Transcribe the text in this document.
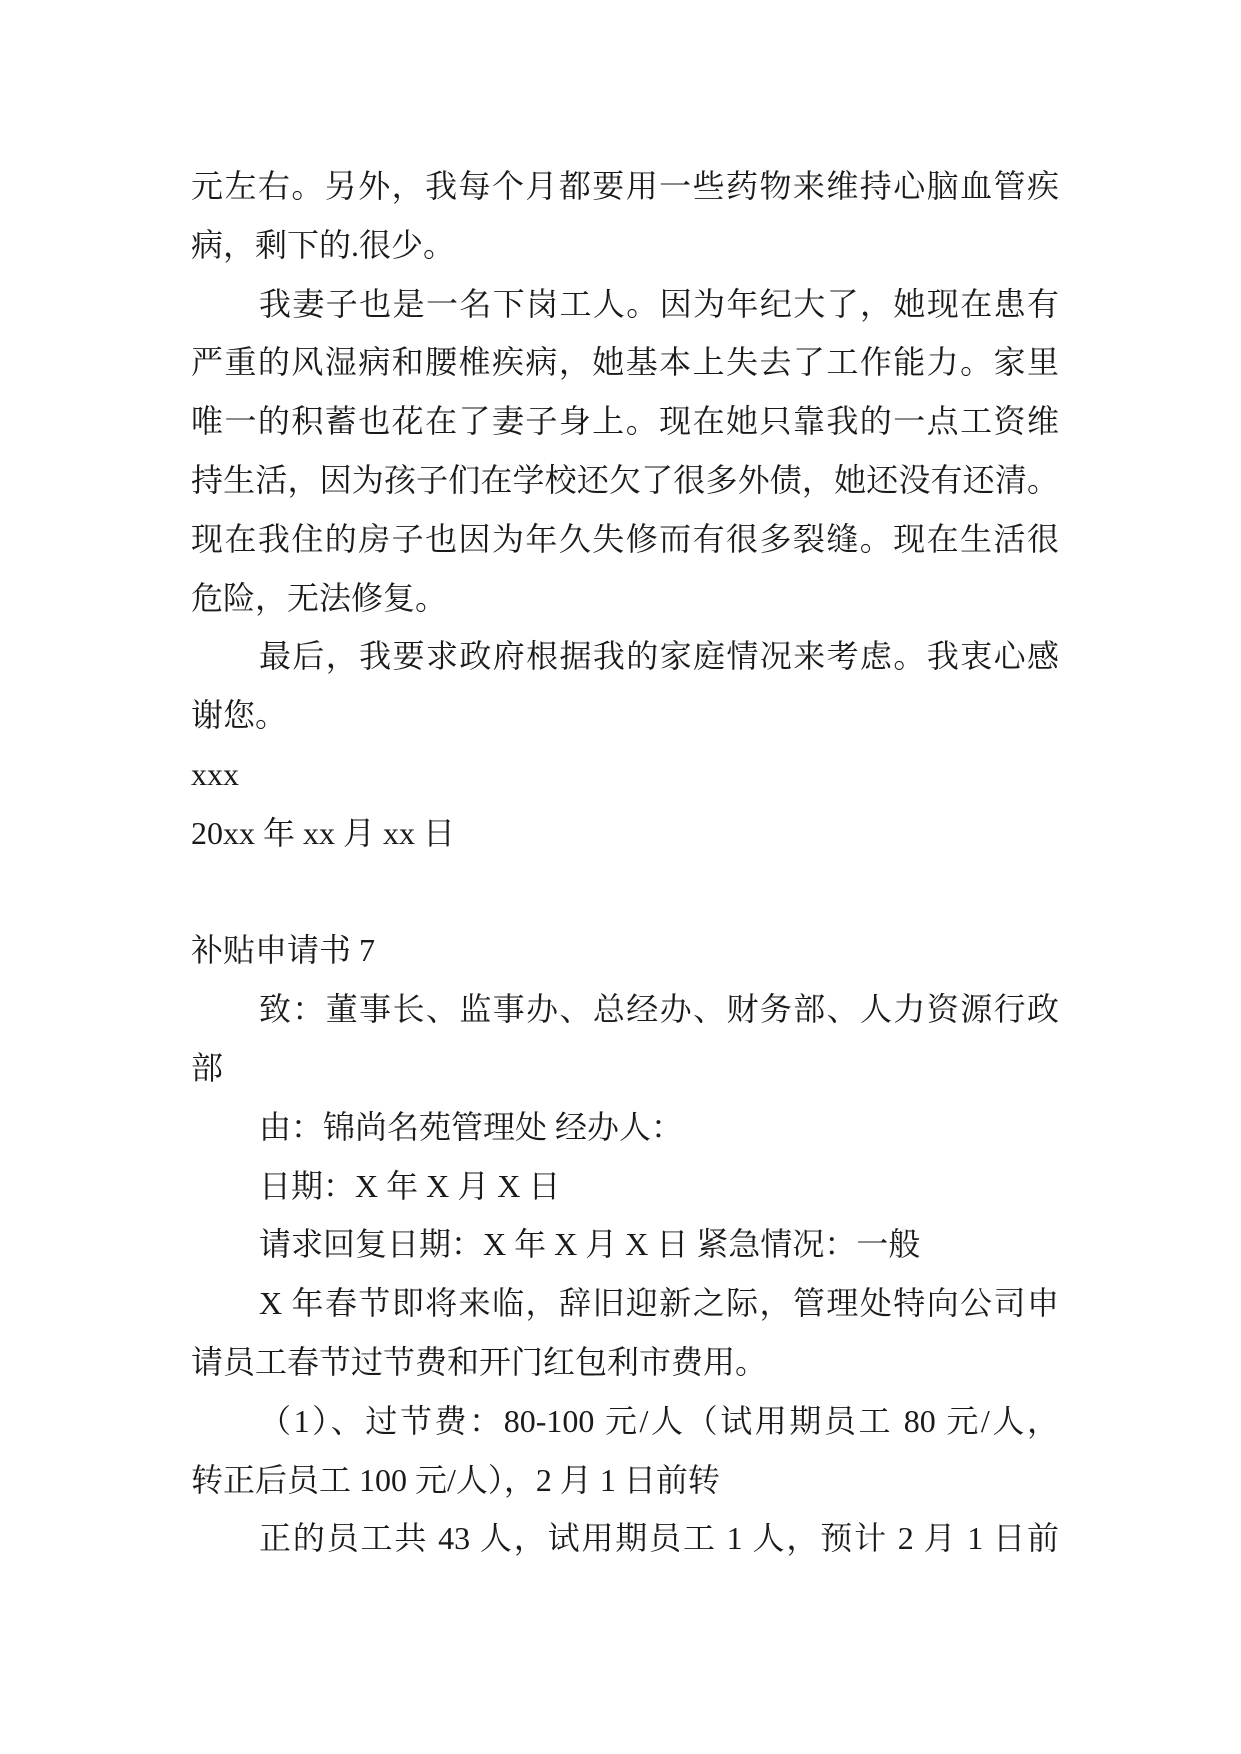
元左右。另外，我每个月都要用一些药物来维持心脑血管疾
病，剩下的.很少。
我妻子也是一名下岗工人。因为年纪大了，她现在患有
严重的风湿病和腰椎疾病，她基本上失去了工作能力。家里
唯一的积蓄也花在了妻子身上。现在她只靠我的一点工资维
持生活，因为孩子们在学校还欠了很多外债，她还没有还清。
现在我住的房子也因为年久失修而有很多裂缝。现在生活很
危险，无法修复。
最后，我要求政府根据我的家庭情况来考虑。我衷心感
谢您。
xxx
20xx 年 xx 月 xx 日
补贴申请书 7
致：董事长、监事办、总经办、财务部、人力资源行政
部
由：锦尚名苑管理处 经办人：
日期：X 年 X 月 X 日
请求回复日期：X 年 X 月 X 日 紧急情况：一般
X 年春节即将来临，辞旧迎新之际，管理处特向公司申
请员工春节过节费和开门红包利市费用。
（1）、过节费：80-100 元/人（试用期员工 80 元/人，
转正后员工 100 元/人），2 月 1 日前转
正的员工共 43 人，试用期员工 1 人，预计 2 月 1 日前
